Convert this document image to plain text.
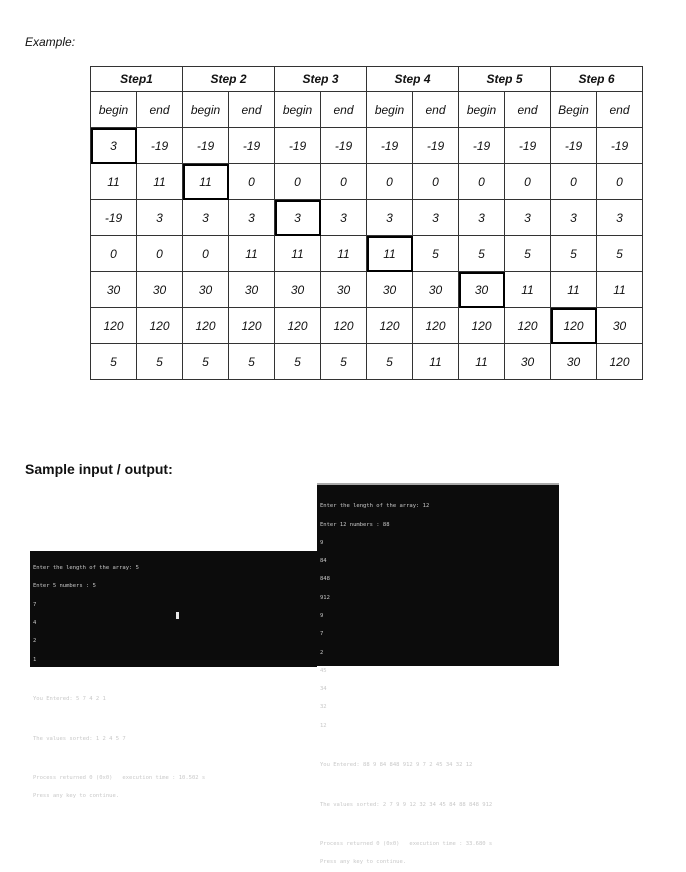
Example:
Step1		Step 2		Step 3		Step 4		Step 5		Step 6	
begin	end	begin	end	begin	end	begin	end	begin	end	Begin	end
3	-19	-19	-19	-19	-19	-19	-19	-19	-19	-19	-19
11	11	11	0	0	0	0	0	0	0	0	0
-19	3	3	3	3	3	3	3	3	3	3	3
0	0	0	11	11	11	11	5	5	5	5	5
30	30	30	30	30	30	30	30	30	11	11	11
120	120	120	120	120	120	120	120	120	120	120	30
5	5	5	5	5	5	5	11	11	30	30	120
Sample input / output:

Enter the length of the array: 5

Enter 5 numbers : 5

7

4

2

1

You Entered: 5 7 4 2 1

The values sorted: 1 2 4 5 7

Process returned 0 (0x0)   execution time : 10.502 s

Press any key to continue.

Enter the length of the array: 12

Enter 12 numbers : 88

9

84

848

912

9

7

2

45

34

32

12

You Entered: 88 9 84 848 912 9 7 2 45 34 32 12

The values sorted: 2 7 9 9 12 32 34 45 84 88 848 912

Process returned 0 (0x0)   execution time : 33.680 s

Press any key to continue.
